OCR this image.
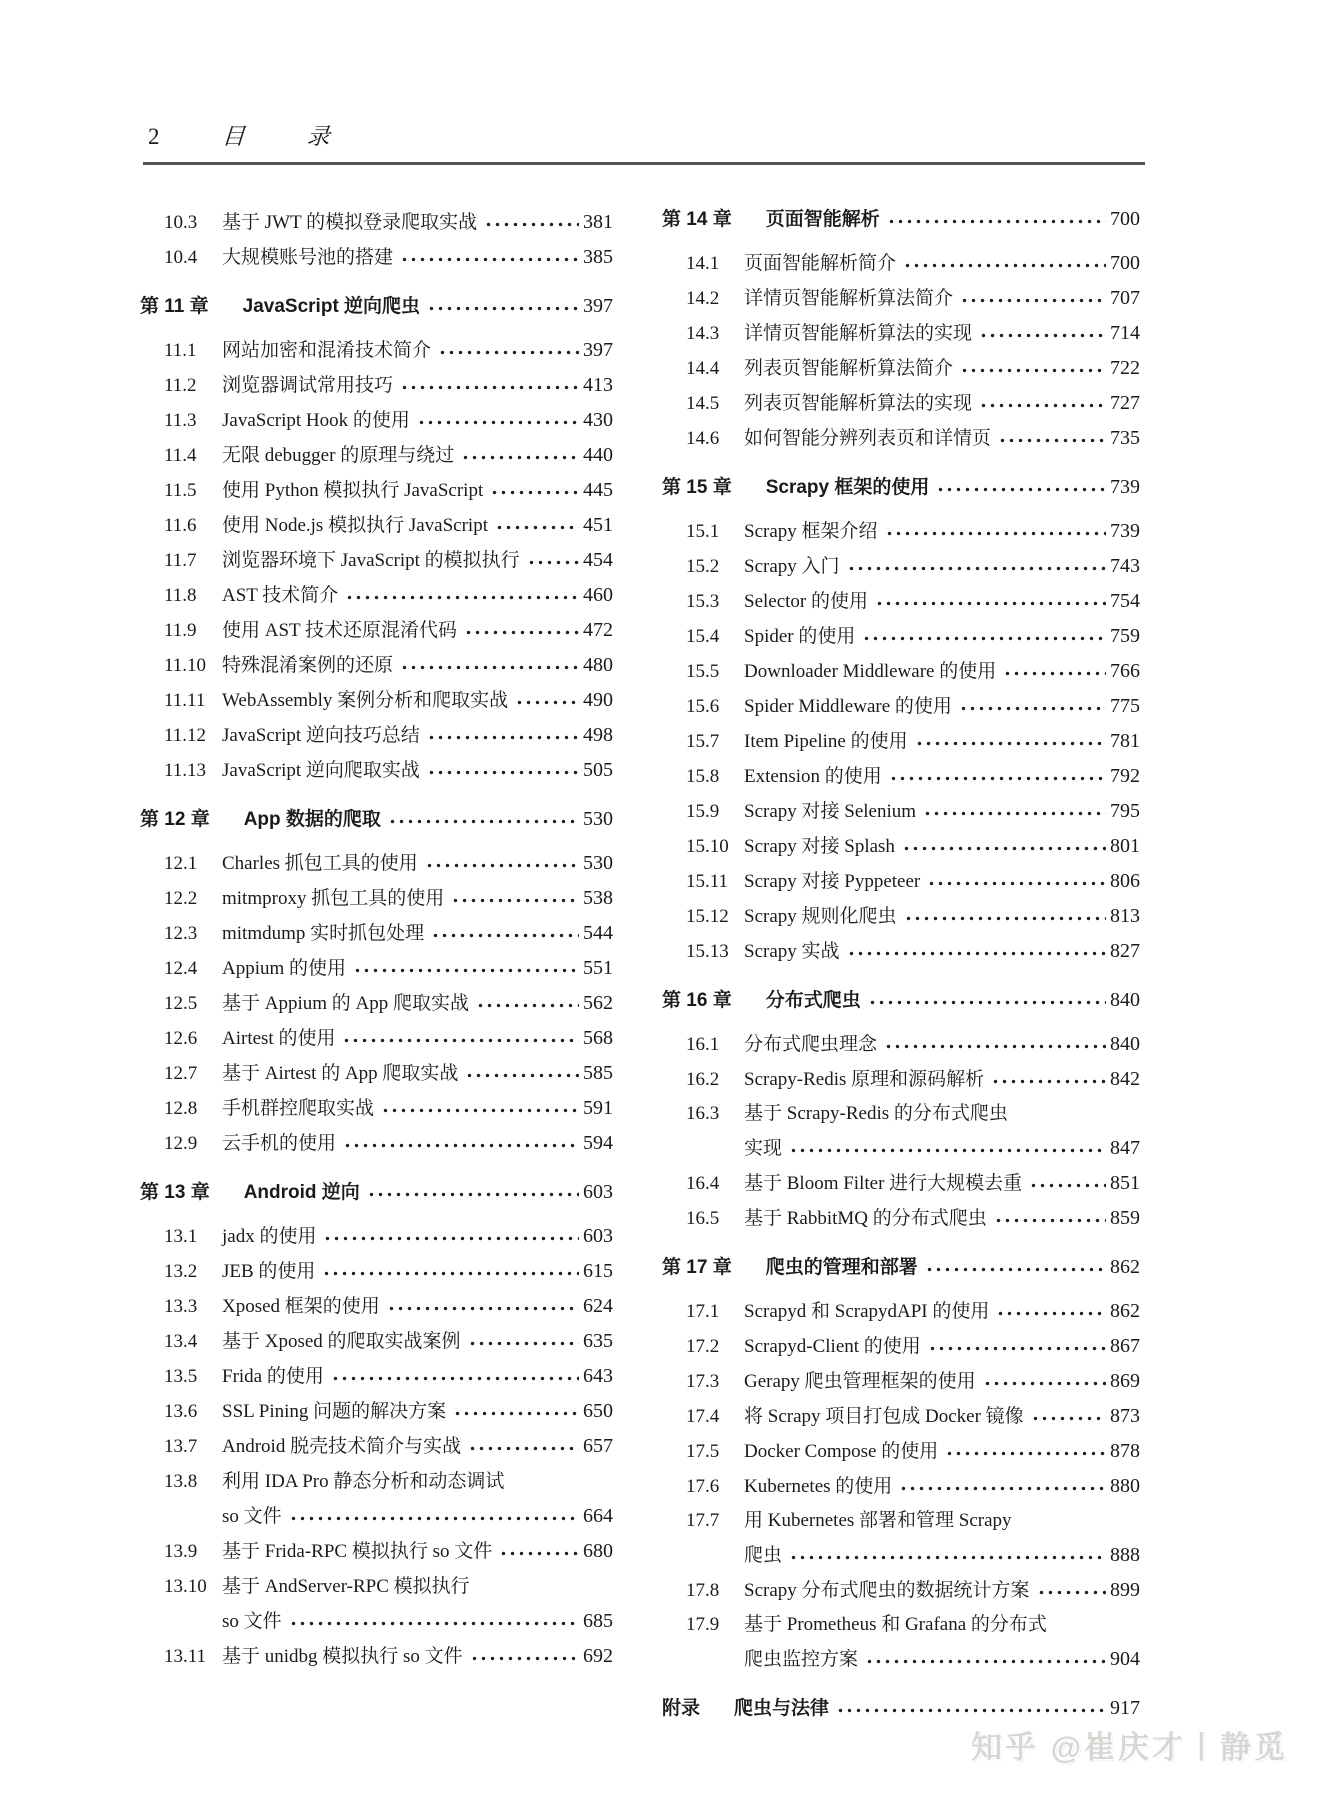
2	目	录
10.3	基于 JWT 的模拟登录爬取实战	381
10.4	大规模账号池的搭建	385
第 11 章 JavaScript 逆向爬虫	397
11.1	网站加密和混淆技术简介	397
11.2	浏览器调试常用技巧	413
11.3	JavaScript Hook 的使用	430
11.4	无限 debugger 的原理与绕过	440
11.5	使用 Python 模拟执行 JavaScript	445
11.6	使用 Node.js 模拟执行 JavaScript	451
11.7	浏览器环境下 JavaScript 的模拟执行	454
11.8	AST 技术简介	460
11.9	使用 AST 技术还原混淆代码	472
11.10 特殊混淆案例的还原	480
11.11 WebAssembly 案例分析和爬取实战	490
11.12 JavaScript 逆向技巧总结	498
11.13 JavaScript 逆向爬取实战	505
第 12 章 App 数据的爬取	530
12.1	Charles 抓包工具的使用	530
12.2	mitmproxy 抓包工具的使用	538
12.3	mitmdump 实时抓包处理	544
12.4	Appium 的使用	551
12.5	基于 Appium 的 App 爬取实战	562
12.6	Airtest 的使用	568
12.7	基于 Airtest 的 App 爬取实战	585
12.8	手机群控爬取实战	591
12.9	云手机的使用	594
第 13 章 Android 逆向	603
13.1	jadx 的使用	603
13.2	JEB 的使用	615
13.3	Xposed 框架的使用	624
13.4	基于 Xposed 的爬取实战案例	635
13.5	Frida 的使用	643
13.6	SSL Pining 问题的解决方案	650
13.7	Android 脱壳技术简介与实战	657
13.8	利用 IDA Pro 静态分析和动态调试
so 文件	664
13.9	基于 Frida-RPC 模拟执行 so 文件	680
13.10 基于 AndServer-RPC 模拟执行
so 文件	685
13.11 基于 unidbg 模拟执行 so 文件	692
第 14 章 页面智能解析	700
14.1	页面智能解析简介	700
14.2	详情页智能解析算法简介	707
14.3	详情页智能解析算法的实现	714
14.4	列表页智能解析算法简介	722
14.5	列表页智能解析算法的实现	727
14.6	如何智能分辨列表页和详情页	735
第 15 章 Scrapy 框架的使用	739
15.1	Scrapy 框架介绍	739
15.2	Scrapy 入门	743
15.3	Selector 的使用	754
15.4	Spider 的使用	759
15.5	Downloader Middleware 的使用	766
15.6	Spider Middleware 的使用	775
15.7	Item Pipeline 的使用	781
15.8	Extension 的使用	792
15.9	Scrapy 对接 Selenium	795
15.10 Scrapy 对接 Splash	801
15.11 Scrapy 对接 Pyppeteer	806
15.12 Scrapy 规则化爬虫	813
15.13 Scrapy 实战	827
第 16 章 分布式爬虫	840
16.1	分布式爬虫理念	840
16.2	Scrapy-Redis 原理和源码解析	842
16.3	基于 Scrapy-Redis 的分布式爬虫
实现	847
16.4	基于 Bloom Filter 进行大规模去重	851
16.5	基于 RabbitMQ 的分布式爬虫	859
第 17 章 爬虫的管理和部署	862
17.1	Scrapyd 和 ScrapydAPI 的使用	862
17.2	Scrapyd-Client 的使用	867
17.3	Gerapy 爬虫管理框架的使用	869
17.4	将 Scrapy 项目打包成 Docker 镜像	873
17.5	Docker Compose 的使用	878
17.6	Kubernetes 的使用	880
17.7	用 Kubernetes 部署和管理 Scrapy
爬虫	888
17.8	Scrapy 分布式爬虫的数据统计方案	899
17.9	基于 Prometheus 和 Grafana 的分布式
爬虫监控方案	904
附录 爬虫与法律	917
知乎 @崔庆才丨静觅
